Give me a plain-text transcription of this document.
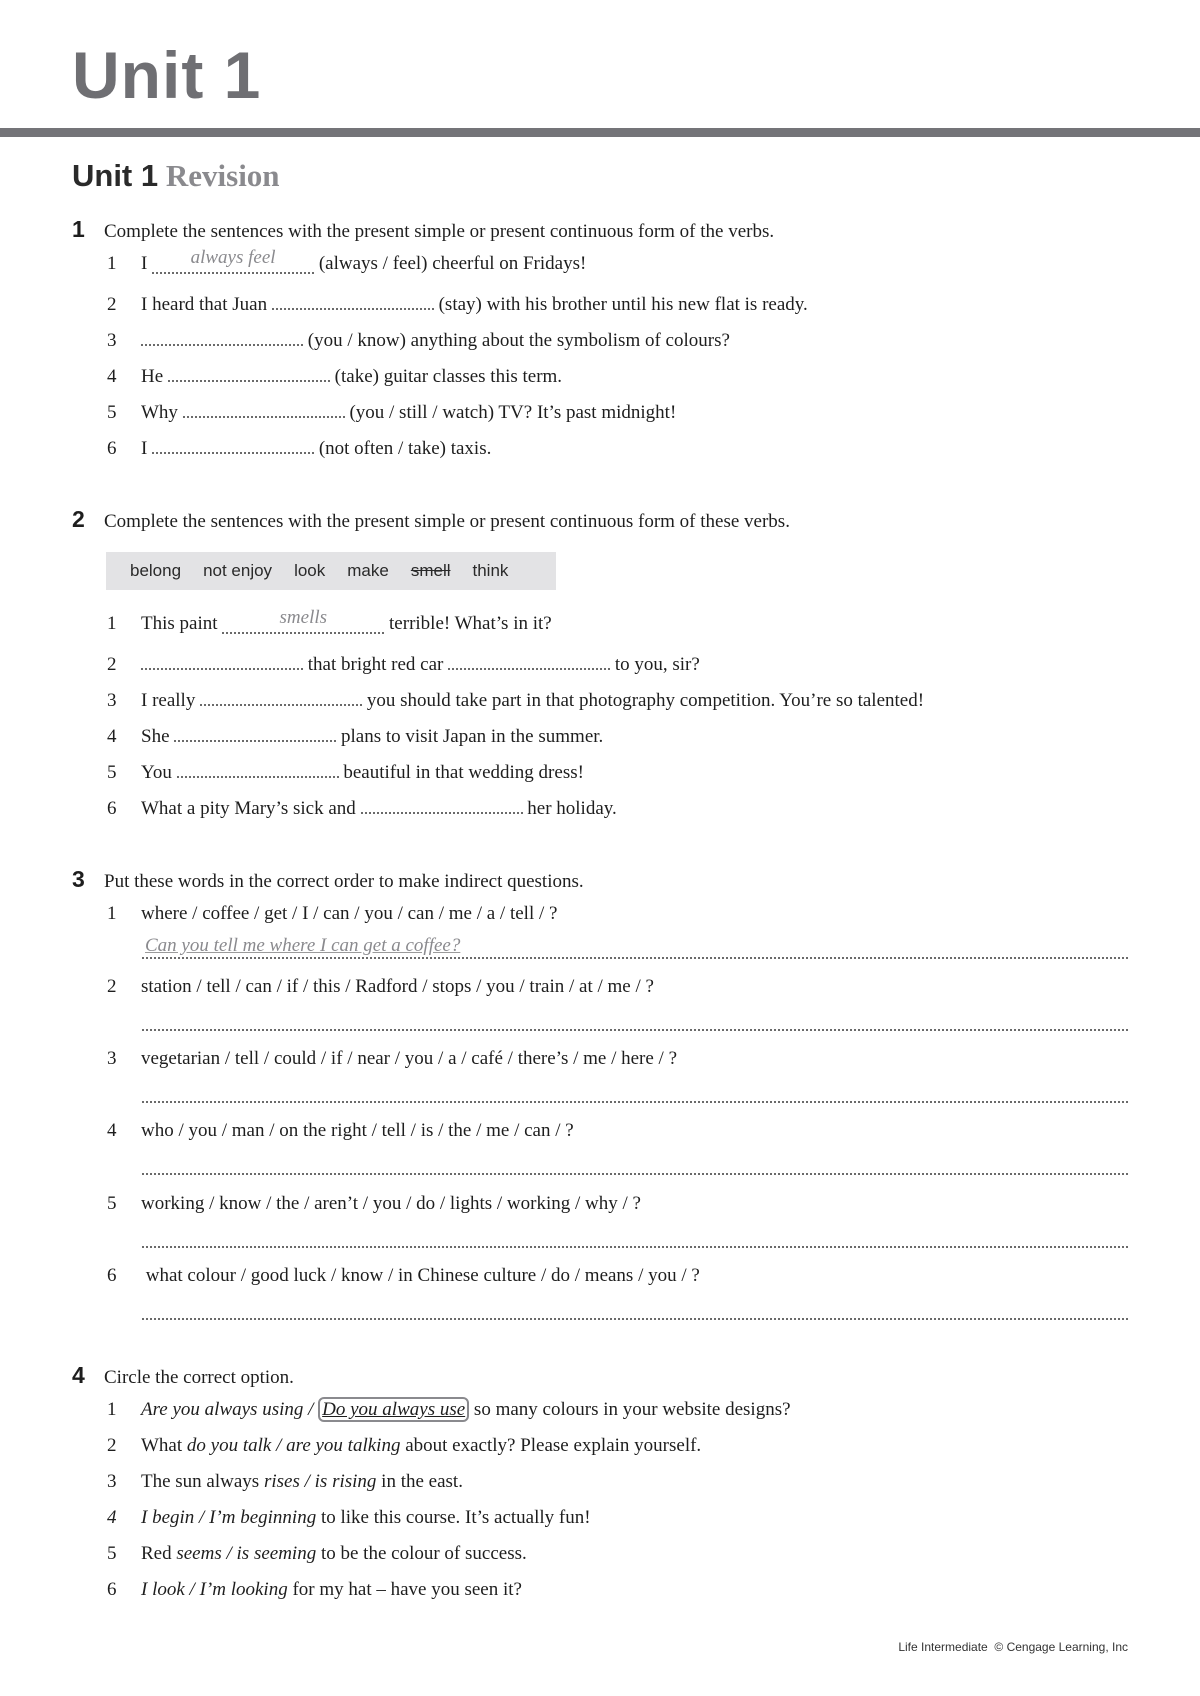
Unit 1
Unit 1 Revision
1 Complete the sentences with the present simple or present continuous form of the verbs.
1 I always feel (always / feel) cheerful on Fridays!
2 I heard that Juan	(stay) with his brother until his new flat is ready.
3	(you / know) anything about the symbolism of colours?
4 He	(take) guitar classes this term.
5 Why	(you / still / watch) TV? It’s past midnight!
6 I	(not often / take) taxis.
2 Complete the sentences with the present simple or present continuous form of these verbs.
belong not enjoy look make smell think
1 This paint	smells	terrible! What’s in it?
2	that bright red car	to you, sir?
3 I really	you should take part in that photography competition. You’re so talented!
4 She	plans to visit Japan in the summer.
5 You	beautiful in that wedding dress!
6 What a pity Mary’s sick and	her holiday.
3 Put these words in the correct order to make indirect questions.
1 where / coffee / get / I / can / you / can / me / a / tell / ?
Can you tell me where I can get a coffee?
2 station / tell / can / if / this / Radford / stops / you / train / at / me / ?
3 vegetarian / tell / could / if / near / you / a / café / there’s / me / here / ?
4 who / you / man / on the right / tell / is / the / me / can / ?
5 working / know / the / aren’t / you / do / lights / working / why / ?
6 what colour / good luck / know / in Chinese culture / do / means / you / ?
4 Circle the correct option.
1 Are you always using / Do you always use so many colours in your website designs?
2 What do you talk / are you talking about exactly? Please explain yourself.
3 The sun always rises / is rising in the east.
4 I begin / I’m beginning to like this course. It’s actually fun!
5 Red seems / is seeming to be the colour of success.
6 I look / I’m looking for my hat – have you seen it?
Life Intermediate  © Cengage Learning, Inc
